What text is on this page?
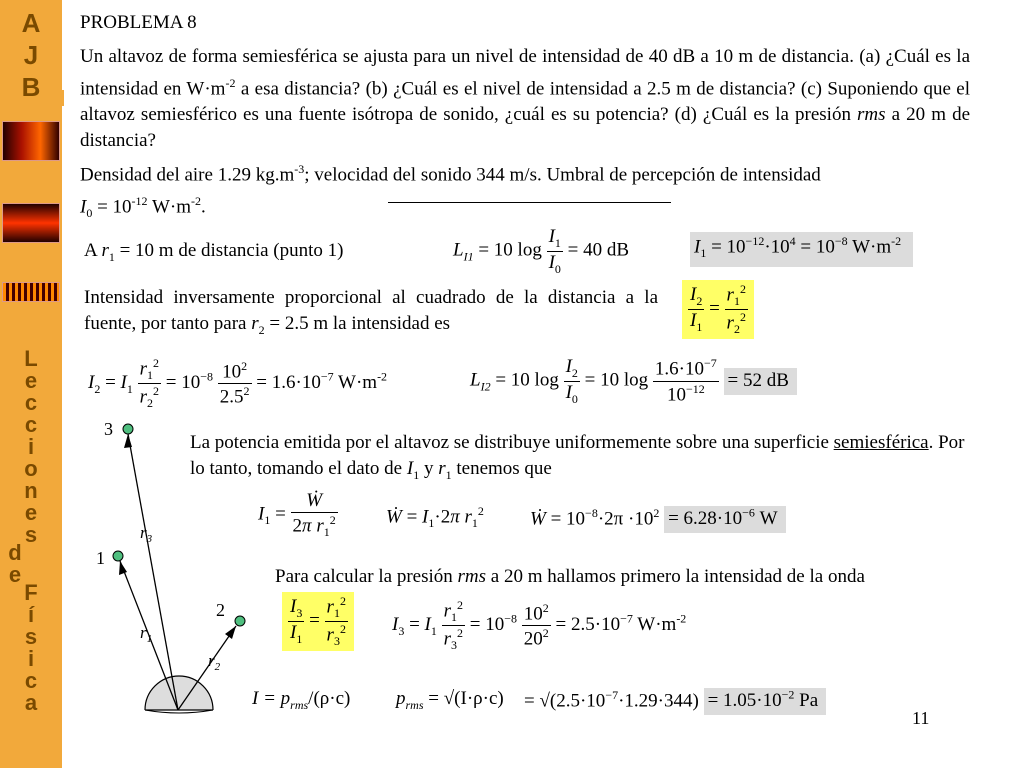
A
J
B
L
e
c
c
i
o
n
e
s
d
e
F
í
s
i
c
a
PROBLEMA 8
Un altavoz de forma semiesférica se ajusta para un nivel de intensidad de 40 dB a 10 m de distancia. (a) ¿Cuál es la intensidad en $W\cdot m^{-2}$ a esa distancia? (b) ¿Cuál es el nivel de intensidad a 2.5 m de distancia? (c) Suponiendo que el altavoz semiesférico es una fuente isótropa de sonido, ¿cuál es su potencia? (d) ¿Cuál es la presión rms a 20 m de distancia?
Densidad del aire 1.29 $kg.m^{-3}$; velocidad del sonido 344 m/s. Umbral de percepción de intensidad
$I_0 = 10^{-12}$ $W\cdot m^{-2}$.
A $r_1 = 10$ m de distancia (punto 1)	$L_{I1} = 10$ $\log \frac{I_1}{I_0} = 40$ dB	$I_1 = 10^{-12}\cdot 10^4 = 10^{-8}$ $W\cdot m^{-2}$
Intensidad inversamente proporcional al cuadrado de la distancia a la fuente, por tanto para $r_2 = 2.5$ m la intensidad es	$\frac{I_2}{I_1} = \frac{r_1^2}{r_2^2}$
$I_2 = I_1 \frac{r_1^2}{r_2^2} = 10^{-8} \frac{10^2}{2.5^2} = 1.6\cdot 10^{-7}$ $W\cdot m^{-2}$	$L_{I2} = 10$ $\log \frac{I_2}{I_0} = 10$ $\log \frac{1.6\cdot 10^{-7}}{10^{-12}} = 52$ dB
3
1
2
$r_3$
$r_1$
$r_2$
La potencia emitida por el altavoz se distribuye uniformemente sobre una superficie semiesférica. Por lo tanto, tomando el dato de $I_1$ y $r_1$ tenemos que
$I_1 = \frac{\text{Ẇ}}{2\pi r_1^2}$	Ẇ = $I_1\cdot 2\pi$ $r_1^2$ Ẇ = $10^{-8}\cdot 2\pi \cdot 10^2 = 6.28\cdot 10^{-6}$ W
Para calcular la presión rms a 20 m hallamos primero la intensidad de la onda
$\frac{I_3}{I_1} = \frac{r_1^2}{r_3^2} I_3 = I_1 \frac{r_1^2}{r_3^2} = 10^{-8} \frac{10^2}{20^2} = 2.5\cdot 10^{-7}$ $W\cdot m^{-2}$
$I = p_{rms}/(\rho\cdot c) p_{rms} = √(I\cdot\rho\cdot c) = √(2.5\cdot 10^{-7}\cdot 1.29\cdot 344) = 1.05\cdot 10^{-2}$ Pa
11
